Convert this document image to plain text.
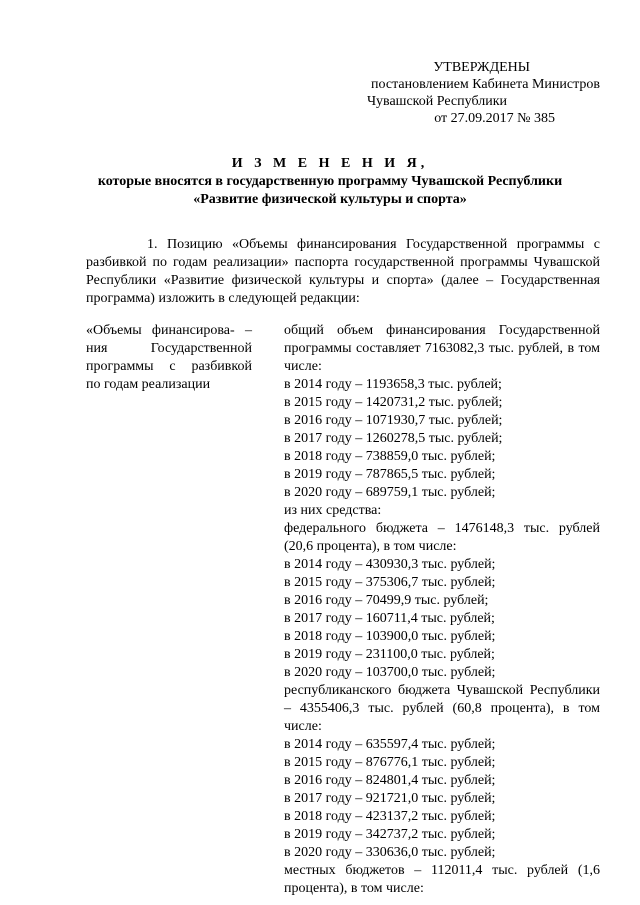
УТВЕРЖДЕНЫ
постановлением Кабинета Министров
Чувашской Республики
от 27.09.2017 № 385
И З М Е Н Е Н И Я,
которые вносятся в государственную программу Чувашской Республики
«Развитие физической культуры и спорта»
1. Позицию «Объемы финансирования Государственной программы с разбивкой по годам реализации» паспорта государственной программы Чувашской Республики «Развитие физической культуры и спорта» (далее – Государственная программа) изложить в следующей редакции:
«Объемы финансирова- –
ния Государственной
программы с разбивкой
по годам реализации
общий объем финансирования Государственной программы составляет 7163082,3 тыс. рублей, в том числе:
в 2014 году – 1193658,3 тыс. рублей;
в 2015 году – 1420731,2 тыс. рублей;
в 2016 году – 1071930,7 тыс. рублей;
в 2017 году – 1260278,5 тыс. рублей;
в 2018 году – 738859,0 тыс. рублей;
в 2019 году – 787865,5 тыс. рублей;
в 2020 году – 689759,1 тыс. рублей;
из них средства:
федерального бюджета – 1476148,3 тыс. рублей (20,6 процента), в том числе:
в 2014 году – 430930,3 тыс. рублей;
в 2015 году – 375306,7 тыс. рублей;
в 2016 году – 70499,9 тыс. рублей;
в 2017 году – 160711,4 тыс. рублей;
в 2018 году – 103900,0 тыс. рублей;
в 2019 году – 231100,0 тыс. рублей;
в 2020 году – 103700,0 тыс. рублей;
республиканского бюджета Чувашской Республики – 4355406,3 тыс. рублей (60,8 процента), в том числе:
в 2014 году – 635597,4 тыс. рублей;
в 2015 году – 876776,1 тыс. рублей;
в 2016 году – 824801,4 тыс. рублей;
в 2017 году – 921721,0 тыс. рублей;
в 2018 году – 423137,2 тыс. рублей;
в 2019 году – 342737,2 тыс. рублей;
в 2020 году – 330636,0 тыс. рублей;
местных бюджетов – 112011,4 тыс. рублей (1,6 процента), в том числе:
